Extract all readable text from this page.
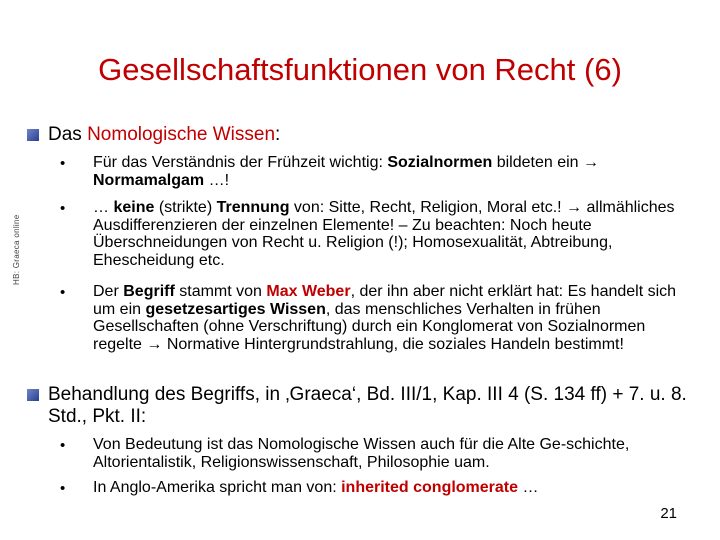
Gesellschaftsfunktionen von Recht (6)
HB: Graeca online

Das Nomologische Wissen:

• Für das Verständnis der Frühzeit wichtig: Sozialnormen bildeten ein → Normamalgam …!

• … keine (strikte) Trennung von: Sitte, Recht, Religion, Moral etc.! → allmähliches Ausdifferenzieren der einzelnen Elemente! – Zu beachten: Noch heute Überschneidungen von Recht u. Religion (!); Homosexualität, Abtreibung, Ehescheidung etc.

• Der Begriff stammt von Max Weber, der ihn aber nicht erklärt hat: Es handelt sich um ein gesetzesartiges Wissen, das menschliches Verhalten in frühen Gesellschaften (ohne Verschriftung) durch ein Konglomerat von Sozialnormen regelte → Normative Hintergrundstrahlung, die soziales Handeln bestimmt!

Behandlung des Begriffs, in ‚Graeca‘, Bd. III/1, Kap. III 4 (S. 134 ff) + 7. u. 8. Std., Pkt. II:

• Von Bedeutung ist das Nomologische Wissen auch für die Alte Ge-schichte, Altorientalistik, Religionswissenschaft, Philosophie uam.

• In Anglo-Amerika spricht man von: inherited conglomerate …

21
